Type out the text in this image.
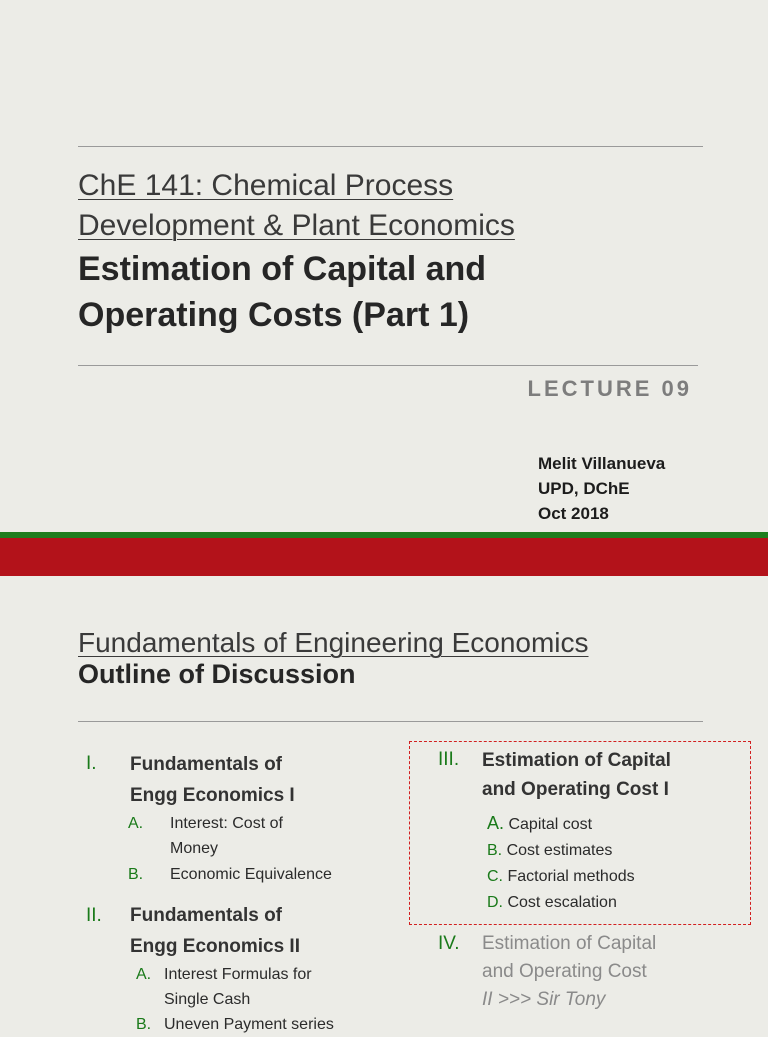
ChE 141: Chemical Process
Development & Plant Economics
Estimation of Capital and
Operating Costs (Part 1)
LECTURE 09
Melit Villanueva
UPD, DChE
Oct 2018
Fundamentals of Engineering Economics
Outline of Discussion
I. Fundamentals of
Engg Economics I
A. Interest: Cost of
Money
B. Economic Equivalence
II. Fundamentals of
Engg Economics II
A. Interest Formulas for
Single Cash
B. Uneven Payment series
III. Estimation of Capital
and Operating Cost I
A. Capital cost
B. Cost estimates
C. Factorial methods
D. Cost escalation
IV. Estimation of Capital
and Operating Cost
II >>> Sir Tony
